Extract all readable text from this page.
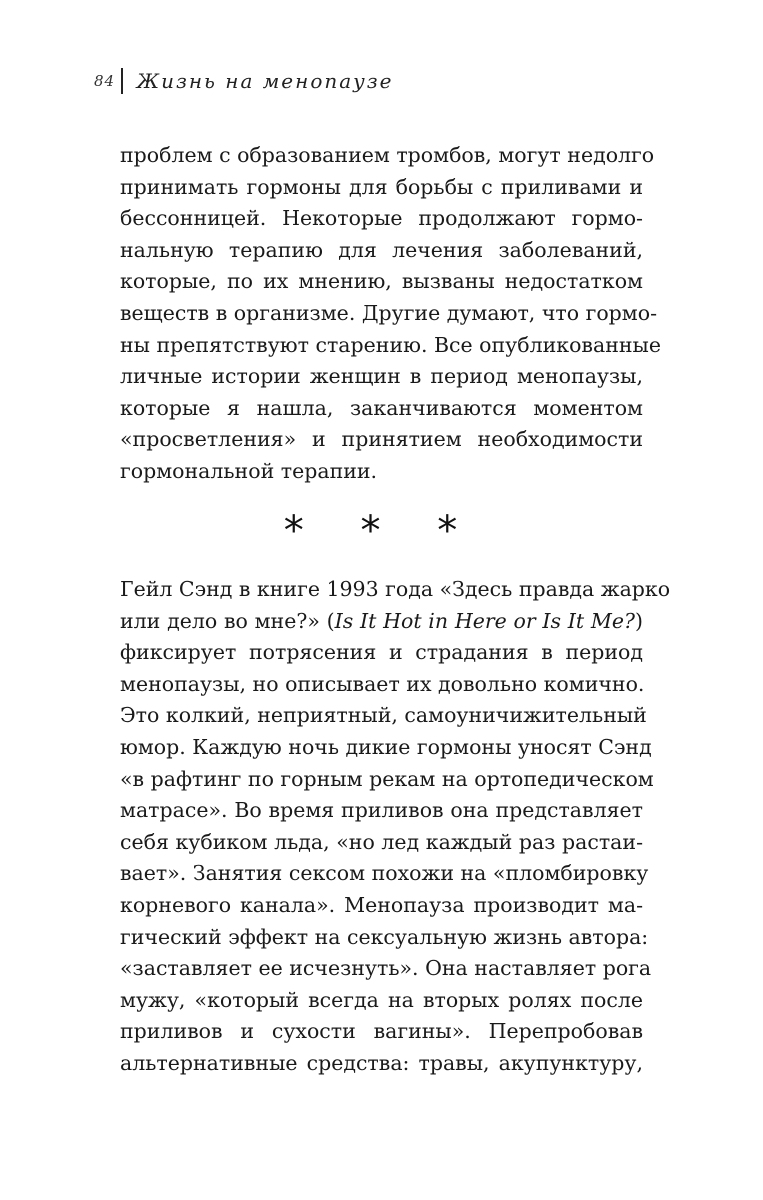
84 Жизнь на менопаузе
проблем с образованием тромбов, могут недолго
принимать гормоны для борьбы с приливами и
бессонницей. Некоторые продолжают гормо-
нальную терапию для лечения заболеваний,
которые, по их мнению, вызваны недостатком
веществ в организме. Другие думают, что гормо-
ны препятствуют старению. Все опубликованные
личные истории женщин в период менопаузы,
которые я нашла, заканчиваются моментом
«просветления» и принятием необходимости
гормональной терапии.
* * *
Гейл Сэнд в книге 1993 года «Здесь правда жарко
или дело во мне?» (Is It Hot in Here or Is It Me?)
фиксирует потрясения и страдания в период
менопаузы, но описывает их довольно комично.
Это колкий, неприятный, самоуничижительный
юмор. Каждую ночь дикие гормоны уносят Сэнд
«в рафтинг по горным рекам на ортопедическом
матрасе». Во время приливов она представляет
себя кубиком льда, «но лед каждый раз растаи-
вает». Занятия сексом похожи на «пломбировку
корневого канала». Менопауза производит ма-
гический эффект на сексуальную жизнь автора:
«заставляет ее исчезнуть». Она наставляет рога
мужу, «который всегда на вторых ролях после
приливов и сухости вагины». Перепробовав
альтернативные средства: травы, акупунктуру,
